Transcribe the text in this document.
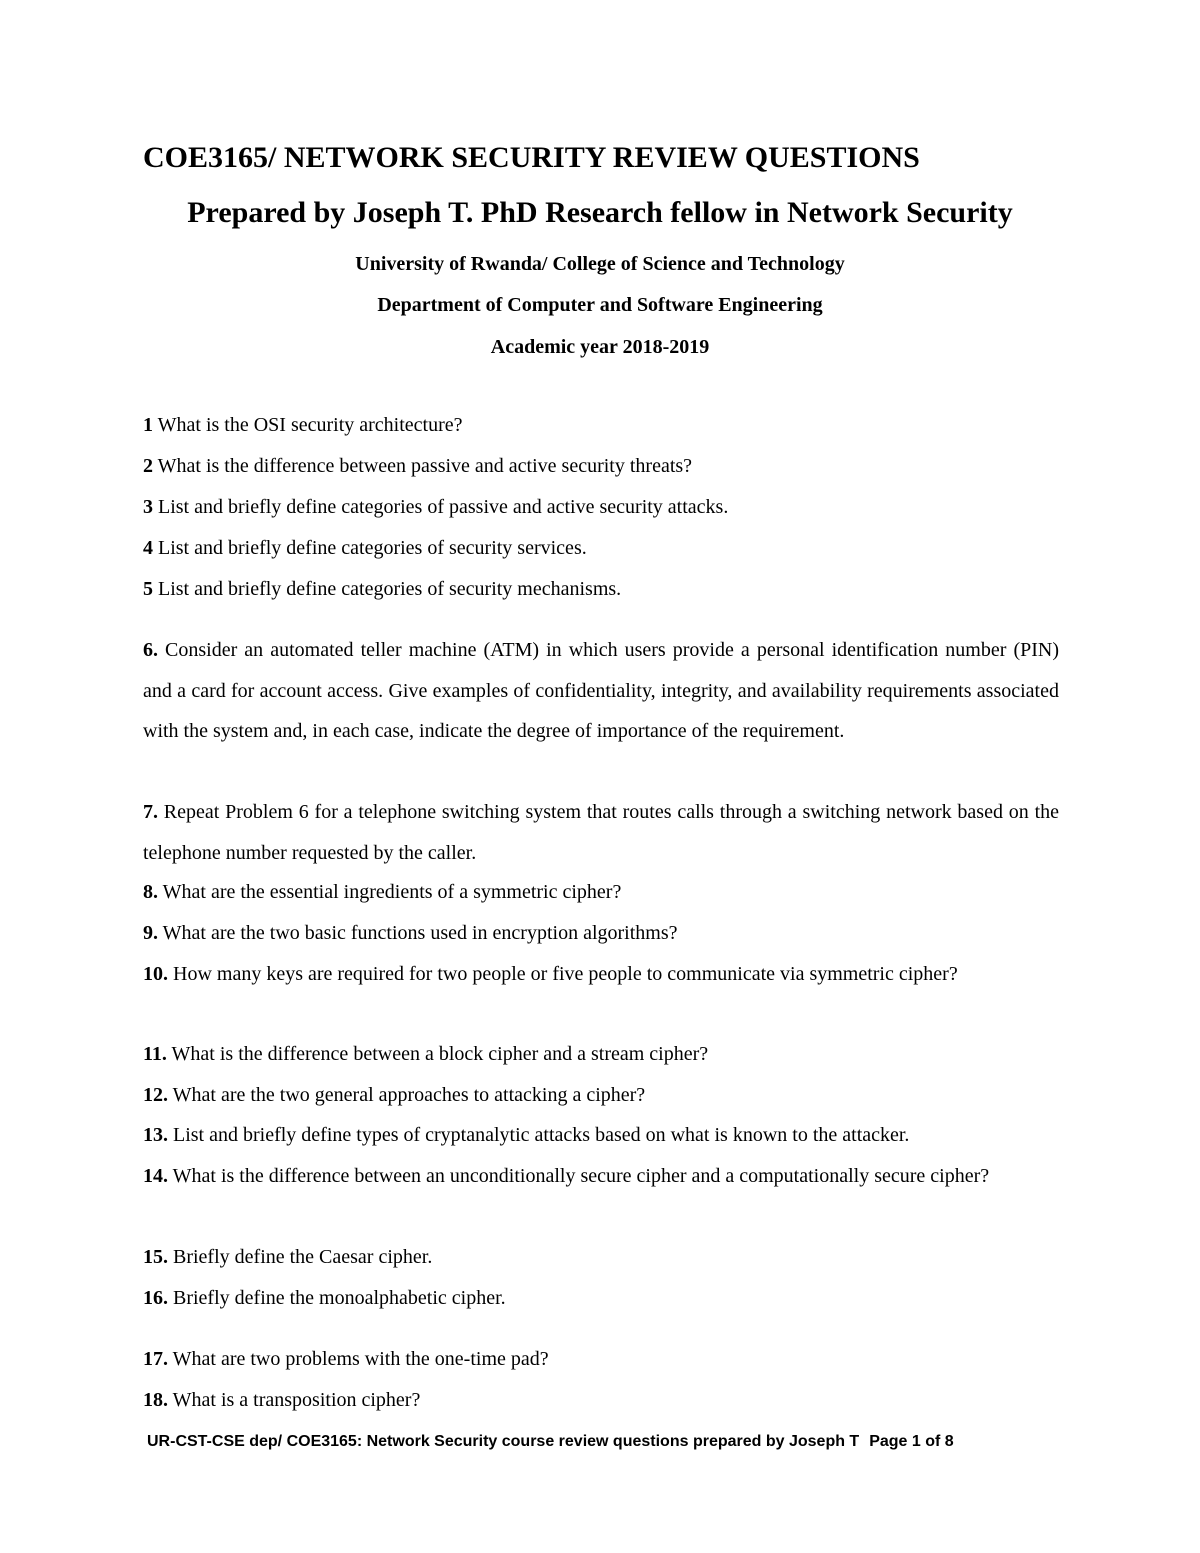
COE3165/ NETWORK SECURITY REVIEW QUESTIONS
Prepared by Joseph T. PhD Research fellow in Network Security
University of Rwanda/ College of Science and Technology
Department of Computer and Software Engineering
Academic year 2018-2019
1 What is the OSI security architecture?
2 What is the difference between passive and active security threats?
3 List and briefly define categories of passive and active security attacks.
4 List and briefly define categories of security services.
5 List and briefly define categories of security mechanisms.
6. Consider an automated teller machine (ATM) in which users provide a personal identification number (PIN) and a card for account access. Give examples of confidentiality, integrity, and availability requirements associated with the system and, in each case, indicate the degree of importance of the requirement.
7. Repeat Problem 6 for a telephone switching system that routes calls through a switching network based on the telephone number requested by the caller.
8. What are the essential ingredients of a symmetric cipher?
9. What are the two basic functions used in encryption algorithms?
10. How many keys are required for two people or five people to communicate via symmetric cipher?
11. What is the difference between a block cipher and a stream cipher?
12. What are the two general approaches to attacking a cipher?
13. List and briefly define types of cryptanalytic attacks based on what is known to the attacker.
14. What is the difference between an unconditionally secure cipher and a computationally secure cipher?
15. Briefly define the Caesar cipher.
16. Briefly define the monoalphabetic cipher.
17. What are two problems with the one-time pad?
18. What is a transposition cipher?
UR-CST-CSE dep/ COE3165: Network Security course review questions prepared by Joseph T Page 1 of 8
